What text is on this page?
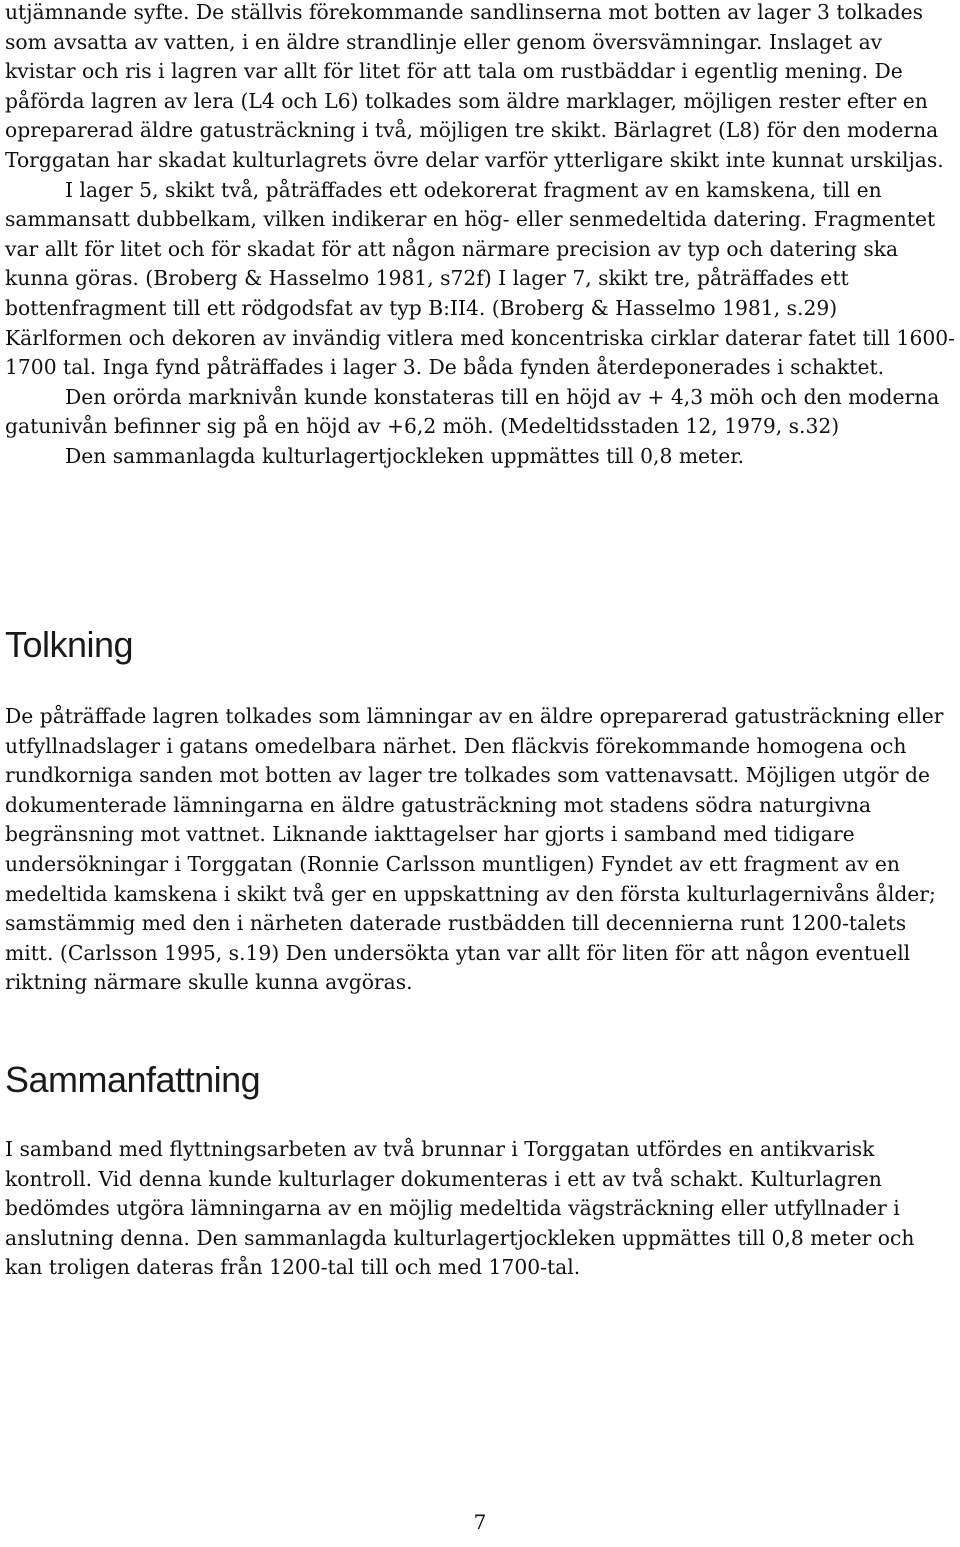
utjämnande syfte. De ställvis förekommande sandlinserna mot botten av lager 3 tolkades som avsatta av vatten, i en äldre strandlinje eller genom översvämningar. Inslaget av kvistar och ris i lagren var allt för litet för att tala om rustbäddar i egentlig mening. De påförda lagren av lera (L4 och L6) tolkades som äldre marklager, möjligen rester efter en opreparerad äldre gatusträckning i två, möjligen tre skikt. Bärlagret (L8) för den moderna Torggatan har skadat kulturlagrets övre delar varför ytterligare skikt inte kunnat urskiljas.

I lager 5, skikt två, påträffades ett odekorerat fragment av en kamskena, till en sammansatt dubbelkam, vilken indikerar en hög- eller senmedeltida datering. Fragmentet var allt för litet och för skadat för att någon närmare precision av typ och datering ska kunna göras. (Broberg & Hasselmo 1981, s72f) I lager 7, skikt tre, påträffades ett bottenfragment till ett rödgodsfat av typ B:II4. (Broberg & Hasselmo 1981, s.29) Kärlformen och dekoren av invändig vitlera med koncentriska cirklar daterar fatet till 1600-1700 tal. Inga fynd påträffades i lager 3. De båda fynden återdeponerades i schaktet.

Den orörda marknivån kunde konstateras till en höjd av + 4,3 möh och den moderna gatunivån befinner sig på en höjd av +6,2 möh. (Medeltidsstaden 12, 1979, s.32)

Den sammanlagda kulturlagertjockleken uppmättes till 0,8 meter.

Tolkning

De påträffade lagren tolkades som lämningar av en äldre opreparerad gatusträckning eller utfyllnadslager i gatans omedelbara närhet. Den fläckvis förekommande homogena och rundkorniga sanden mot botten av lager tre tolkades som vattenavsatt. Möjligen utgör de dokumenterade lämningarna en äldre gatusträckning mot stadens södra naturgivna begränsning mot vattnet. Liknande iakttagelser har gjorts i samband med tidigare undersökningar i Torggatan (Ronnie Carlsson muntligen) Fyndet av ett fragment av en medeltida kamskena i skikt två ger en uppskattning av den första kulturlagernivåns ålder; samstämmig med den i närheten daterade rustbädden till decennierna runt 1200-talets mitt. (Carlsson 1995, s.19) Den undersökta ytan var allt för liten för att någon eventuell riktning närmare skulle kunna avgöras.

Sammanfattning

I samband med flyttningsarbeten av två brunnar i Torggatan utfördes en antikvarisk kontroll. Vid denna kunde kulturlager dokumenteras i ett av två schakt. Kulturlagren bedömdes utgöra lämningarna av en möjlig medeltida vägsträckning eller utfyllnader i anslutning denna. Den sammanlagda kulturlagertjockleken uppmättes till 0,8 meter och kan troligen dateras från 1200-tal till och med 1700-tal.

7
